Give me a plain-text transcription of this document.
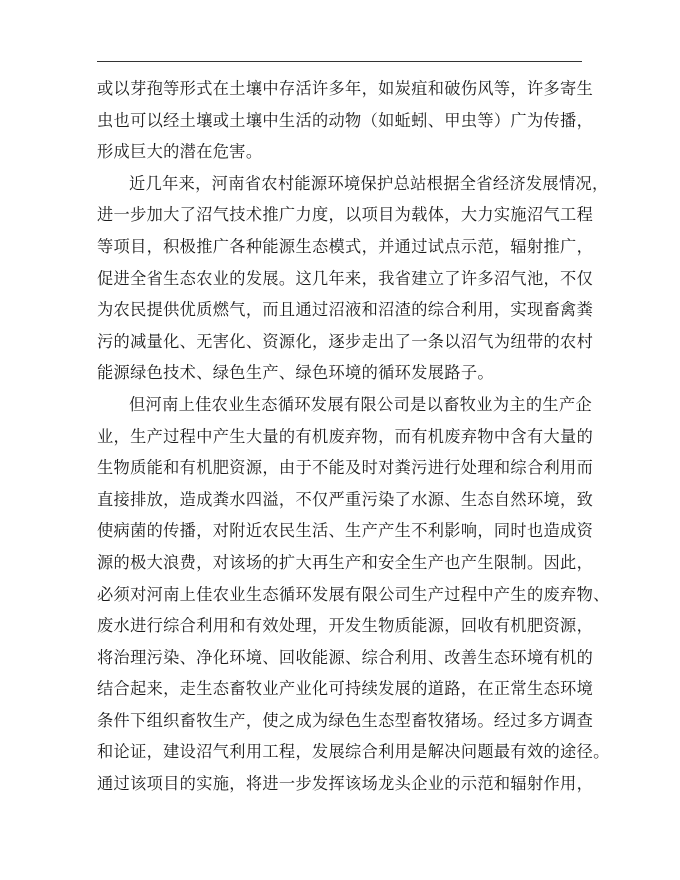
或以芽孢等形式在土壤中存活许多年，如炭疽和破伤风等，许多寄生
虫也可以经土壤或土壤中生活的动物（如蚯蚓、甲虫等）广为传播，
形成巨大的潜在危害。
近几年来，河南省农村能源环境保护总站根据全省经济发展情况，
进一步加大了沼气技术推广力度，以项目为载体，大力实施沼气工程
等项目，积极推广各种能源生态模式，并通过试点示范，辐射推广，
促进全省生态农业的发展。这几年来，我省建立了许多沼气池，不仅
为农民提供优质燃气，而且通过沼液和沼渣的综合利用，实现畜禽粪
污的减量化、无害化、资源化，逐步走出了一条以沼气为纽带的农村
能源绿色技术、绿色生产、绿色环境的循环发展路子。
但河南上佳农业生态循环发展有限公司是以畜牧业为主的生产企
业，生产过程中产生大量的有机废弃物，而有机废弃物中含有大量的
生物质能和有机肥资源，由于不能及时对粪污进行处理和综合利用而
直接排放，造成粪水四溢，不仅严重污染了水源、生态自然环境，致
使病菌的传播，对附近农民生活、生产产生不利影响，同时也造成资
源的极大浪费，对该场的扩大再生产和安全生产也产生限制。因此，
必须对河南上佳农业生态循环发展有限公司生产过程中产生的废弃物、
废水进行综合利用和有效处理，开发生物质能源，回收有机肥资源，
将治理污染、净化环境、回收能源、综合利用、改善生态环境有机的
结合起来，走生态畜牧业产业化可持续发展的道路，在正常生态环境
条件下组织畜牧生产，使之成为绿色生态型畜牧猪场。经过多方调查
和论证，建设沼气利用工程，发展综合利用是解决问题最有效的途径。
通过该项目的实施，将进一步发挥该场龙头企业的示范和辐射作用，
